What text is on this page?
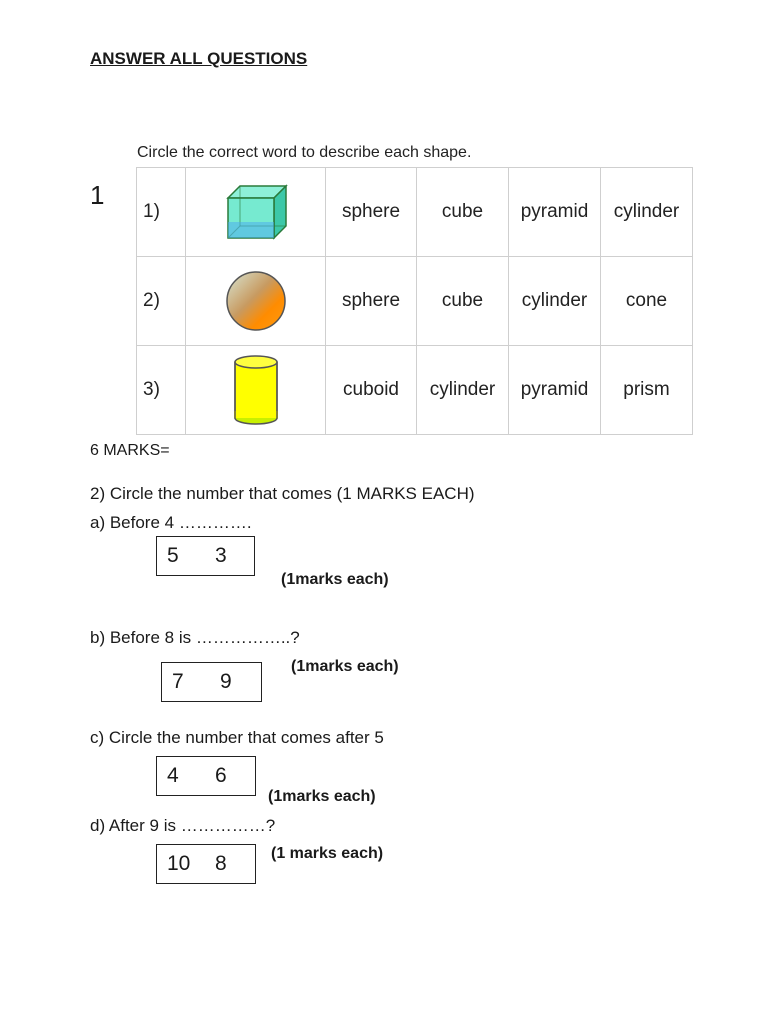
ANSWER ALL QUESTIONS
1
Circle the correct word to describe each shape.
1)		sphere	cube	pyramid	cylinder
2)		sphere	cube	cylinder	cone
3)		cuboid	cylinder	pyramid	prism
6 MARKS=
2) Circle the number that comes (1 MARKS EACH)
a) Before 4 ………….
5	3
(1marks each)
b) Before 8 is ……………..?
7	9
(1marks each)
c) Circle the number that comes after 5
4	6
(1marks each)
d) After 9 is ……………?
10	8	(1 marks each)
